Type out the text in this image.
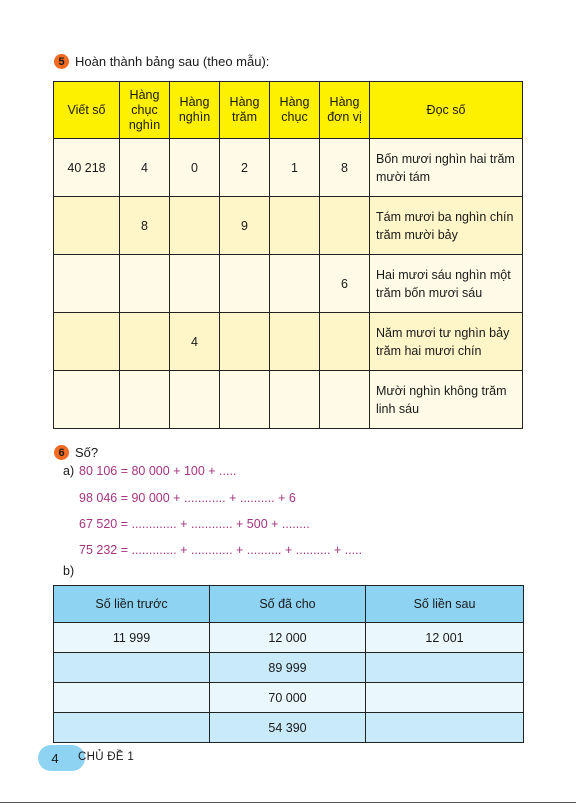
5 Hoàn thành bảng sau (theo mẫu):
Viết số	Hàng chục nghìn	Hàng nghìn	Hàng trăm	Hàng chục	Hàng đơn vị	Đọc số
40 218	4	0	2	1	8	Bốn mươi nghìn hai trăm mười tám
	8		9			Tám mươi ba nghìn chín trăm mười bảy
					6	Hai mươi sáu nghìn một trăm bốn mươi sáu
		4				Năm mươi tư nghìn bảy trăm hai mươi chín
						Mười nghìn không trăm linh sáu
6 Số?
a) 80 106 = 80 000 + 100 + .....
98 046 = 90 000 + ............ + .......... + 6
67 520 = ............. + ............ + 500 + ........
75 232 = ............. + ............ + .......... + .......... + .....
b)
Số liền trước	Số đã cho	Số liền sau
11 999	12 000	12 001
	89 999	
	70 000	
	54 390	
4	CHỦ ĐỀ 1
